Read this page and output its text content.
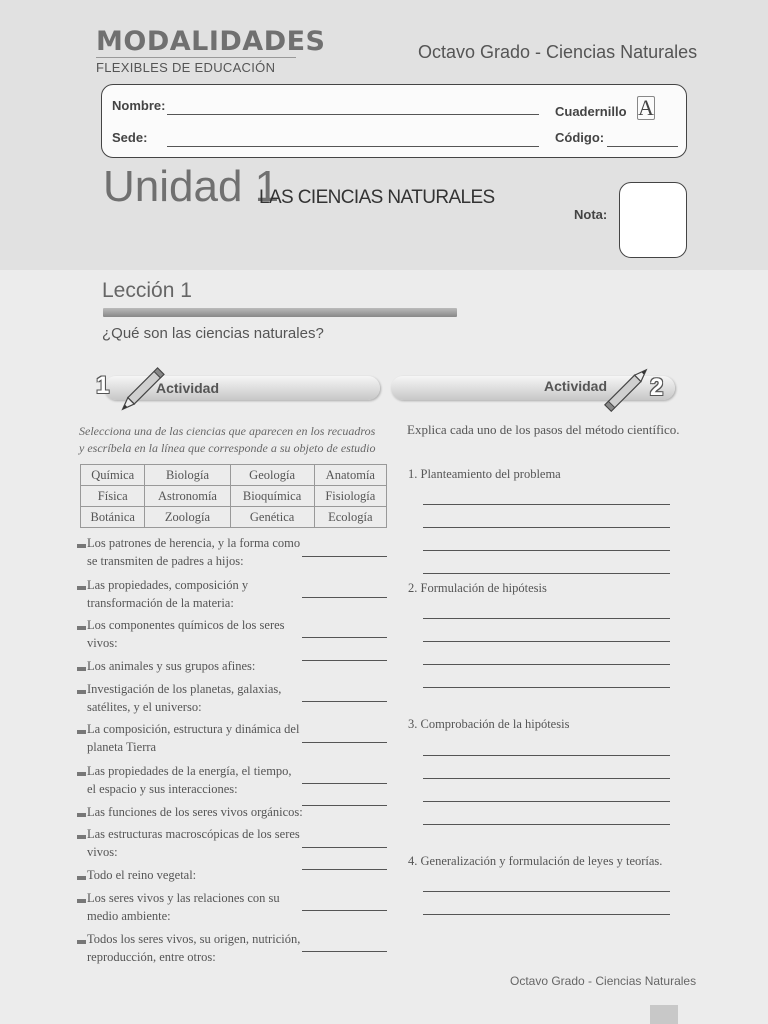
MODALIDADES
FLEXIBLES DE EDUCACIÓN
Octavo Grado - Ciencias Naturales
Nombre:
Sede:
Cuadernillo A
Código:
Unidad 1
LAS CIENCIAS NATURALES
Nota:
Lección 1
¿Qué son las ciencias naturales?
Actividad
1	Actividad 2
Selecciona una de las ciencias que aparecen en los recuadros y escríbela en la línea que corresponde a su objeto de estudio
Química	Biología	Geología	Anatomía
Física	Astronomía	Bioquímica	Fisiología
Botánica	Zoología	Genética	Ecología
Los patrones de herencia, y la forma como se transmiten de padres a hijos:
Las propiedades, composición y transformación de la materia:
Los componentes químicos de los seres vivos:
Los animales y sus grupos afines:
Investigación de los planetas, galaxias, satélites, y el universo:
La composición, estructura y dinámica del planeta Tierra
Las propiedades de la energía, el tiempo, el espacio y sus interacciones:
Las funciones de los seres vivos orgánicos:
Las estructuras macroscópicas de los seres vivos:
Todo el reino vegetal:
Los seres vivos y las relaciones con su medio ambiente:
Todos los seres vivos, su origen, nutrición, reproducción, entre otros:
Explica cada uno de los pasos del método científico.
1. Planteamiento del problema
2. Formulación de hipótesis
3. Comprobación de la hipótesis
4. Generalización y formulación de leyes y teorías.
Octavo Grado - Ciencias Naturales
